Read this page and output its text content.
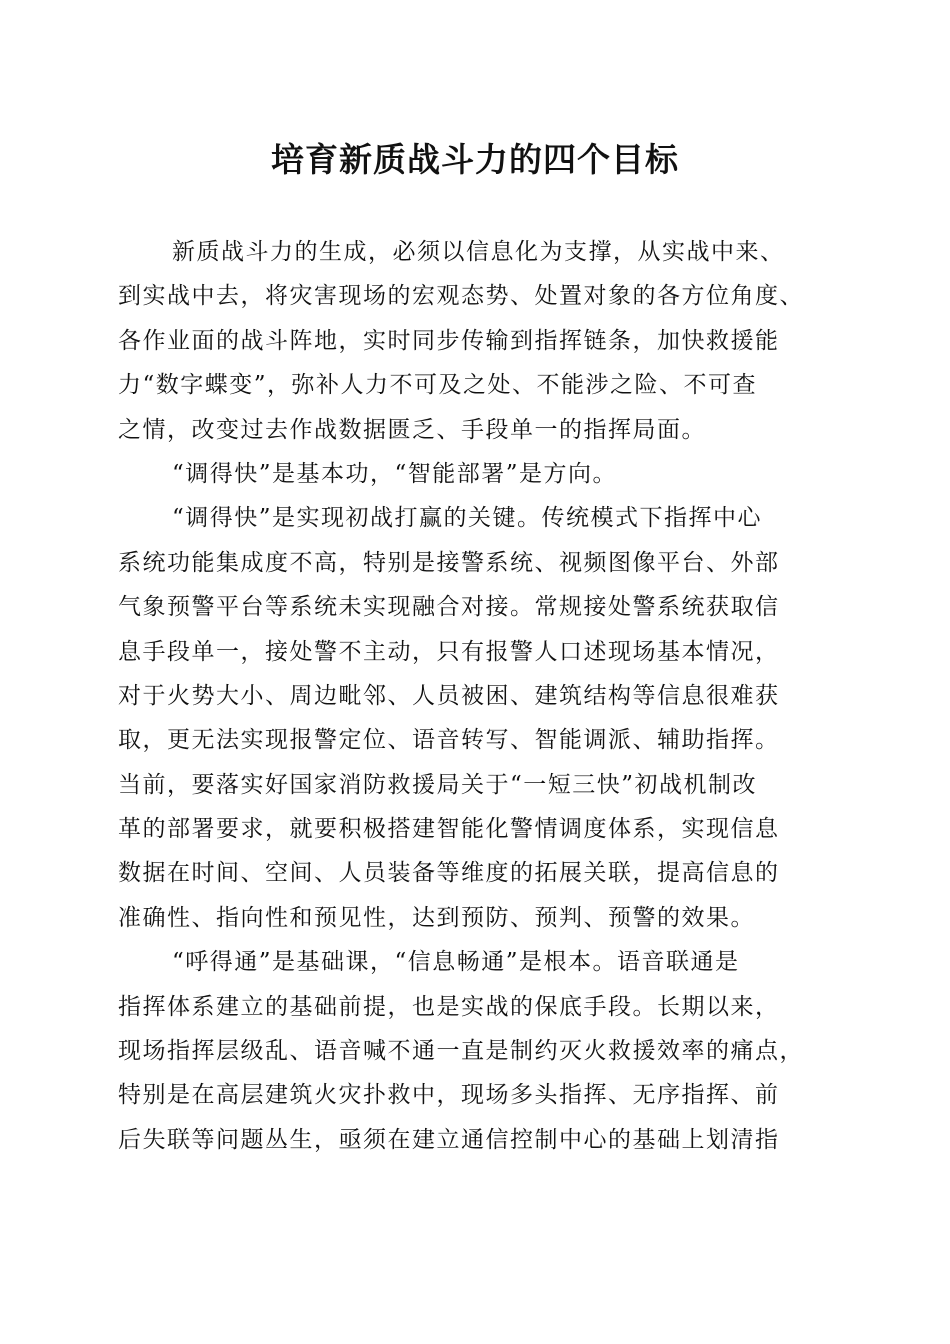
培育新质战斗力的四个目标
新质战斗力的生成，必须以信息化为支撑，从实战中来、
到实战中去，将灾害现场的宏观态势、处置对象的各方位角度、
各作业面的战斗阵地，实时同步传输到指挥链条，加快救援能
力“数字蝶变”，弥补人力不可及之处、不能涉之险、不可查
之情，改变过去作战数据匮乏、手段单一的指挥局面。
“调得快”是基本功，“智能部署”是方向。
“调得快”是实现初战打赢的关键。传统模式下指挥中心
系统功能集成度不高，特别是接警系统、视频图像平台、外部
气象预警平台等系统未实现融合对接。常规接处警系统获取信
息手段单一，接处警不主动，只有报警人口述现场基本情况，
对于火势大小、周边毗邻、人员被困、建筑结构等信息很难获
取，更无法实现报警定位、语音转写、智能调派、辅助指挥。
当前，要落实好国家消防救援局关于“一短三快”初战机制改
革的部署要求，就要积极搭建智能化警情调度体系，实现信息
数据在时间、空间、人员装备等维度的拓展关联，提高信息的
准确性、指向性和预见性，达到预防、预判、预警的效果。
“呼得通”是基础课，“信息畅通”是根本。语音联通是
指挥体系建立的基础前提，也是实战的保底手段。长期以来，
现场指挥层级乱、语音喊不通一直是制约灭火救援效率的痛点，
特别是在高层建筑火灾扑救中，现场多头指挥、无序指挥、前
后失联等问题丛生，亟须在建立通信控制中心的基础上划清指
